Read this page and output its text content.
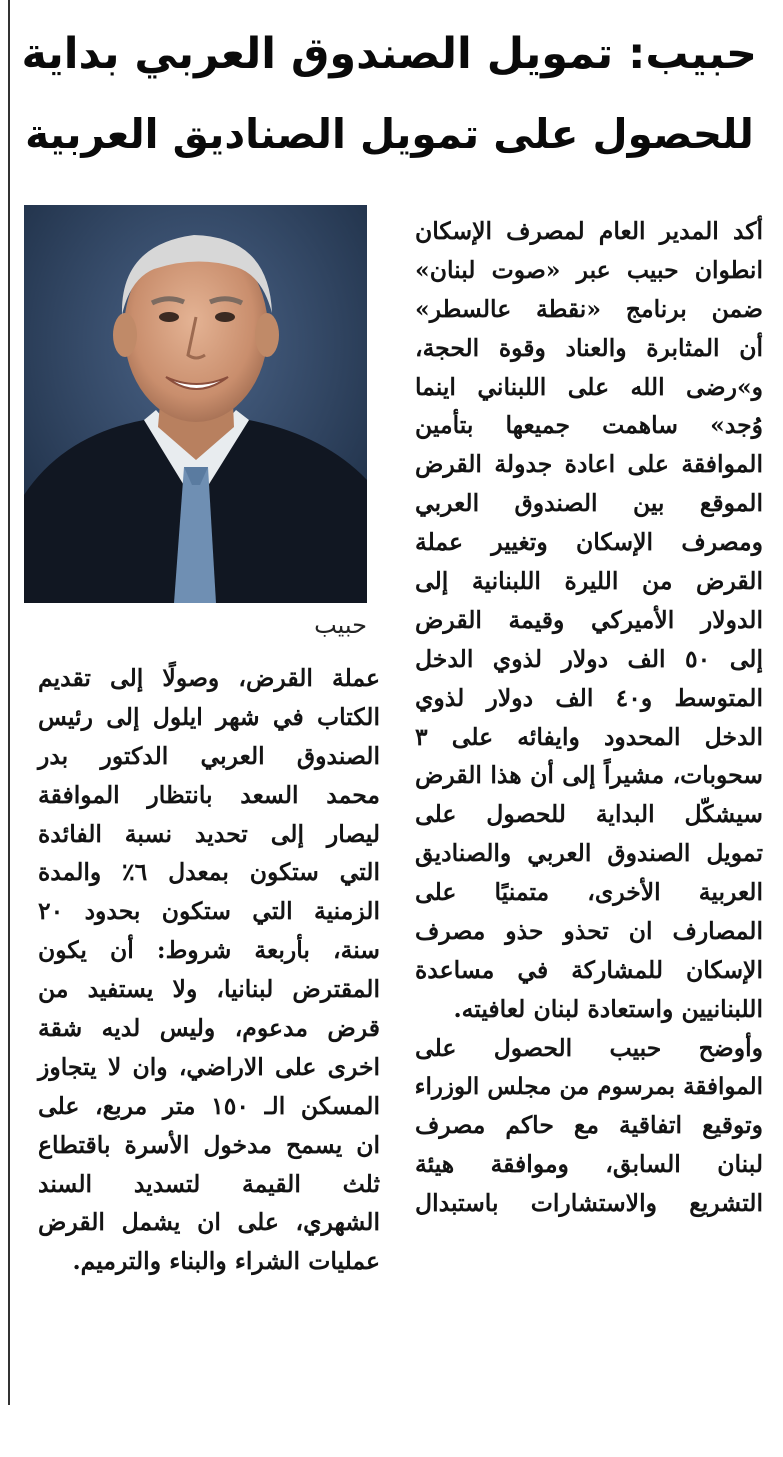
حبيب: تمويل الصندوق العربي بداية
للحصول على تمويل الصناديق العربية

حبيب

أكد المدير العام لمصرف الإسكان
انطوان حبيب عبر «صوت لبنان»
ضمن برنامج «نقطة عالسطر»
أن المثابرة والعناد وقوة الحجة،
و»رضى الله على اللبناني اينما
وُجد» ساهمت جميعها بتأمين
الموافقة على اعادة جدولة القرض
الموقع بين الصندوق العربي
ومصرف الإسكان وتغيير عملة
القرض من الليرة اللبنانية إلى
الدولار الأميركي وقيمة القرض
إلى ٥٠ الف دولار لذوي الدخل
المتوسط و٤٠ الف دولار لذوي
الدخل المحدود وايفائه على ٣
سحوبات، مشيراً إلى أن هذا القرض
سيشكّل البداية للحصول على
تمويل الصندوق العربي والصناديق
العربية الأخرى، متمنيًا على
المصارف ان تحذو حذو مصرف
الإسكان للمشاركة في مساعدة
اللبنانيين واستعادة لبنان لعافيته.
وأوضح حبيب الحصول على
الموافقة بمرسوم من مجلس الوزراء
وتوقيع اتفاقية مع حاكم مصرف
لبنان السابق، وموافقة هيئة
التشريع والاستشارات باستبدال
عملة القرض، وصولًا إلى تقديم
الكتاب في شهر ايلول إلى رئيس
الصندوق العربي الدكتور بدر
محمد السعد بانتظار الموافقة
ليصار إلى تحديد نسبة الفائدة
التي ستكون بمعدل ٦٪ والمدة
الزمنية التي ستكون بحدود ٢٠
سنة، بأربعة شروط: أن يكون
المقترض لبنانيا، ولا يستفيد من
قرض مدعوم، وليس لديه شقة
اخرى على الاراضي، وان لا يتجاوز
المسكن الـ ١٥٠ متر مربع، على
ان يسمح مدخول الأسرة باقتطاع
ثلث القيمة لتسديد السند
الشهري، على ان يشمل القرض
عمليات الشراء والبناء والترميم.
